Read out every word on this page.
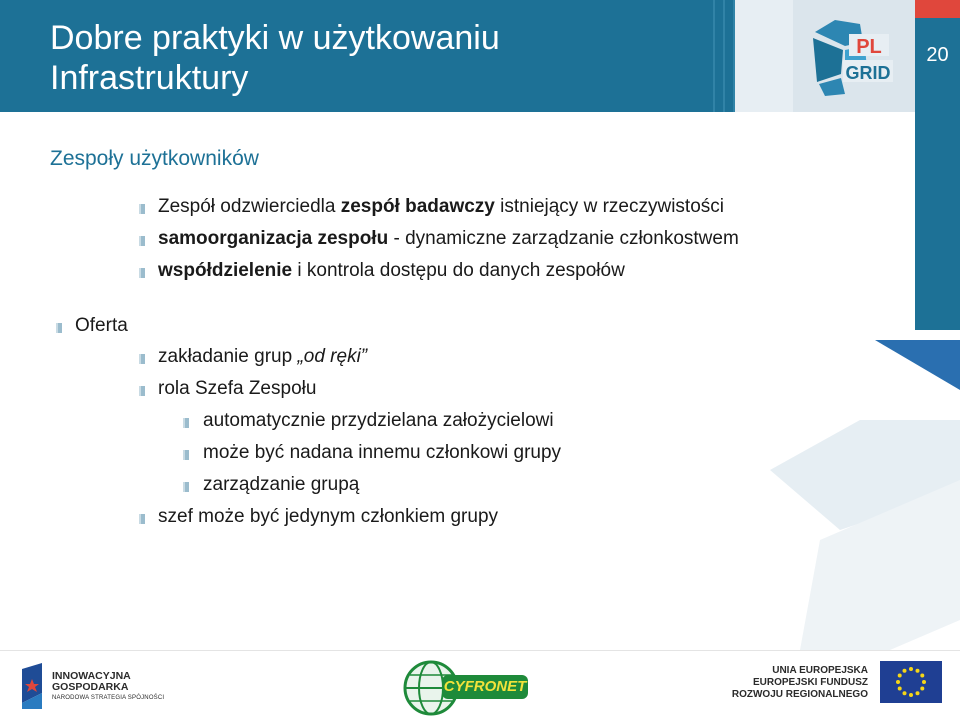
Dobre praktyki w użytkowaniu
Infrastruktury
PL
GRID
20
Zespoły użytkowników
Zespół odzwierciedla zespół badawczy istniejący w rzeczywistości
samoorganizacja zespołu - dynamiczne zarządzanie członkostwem
współdzielenie i kontrola dostępu do danych zespołów
Oferta
zakładanie grup „od ręki”
rola Szefa Zespołu
automatycznie przydzielana założycielowi
może być nadana innemu członkowi grupy
zarządzanie grupą
szef może być jedynym członkiem grupy
INNOWACYJNA
GOSPODARKA
NARODOWA STRATEGIA SPÓJNOŚCI
CYFRONET
UNIA EUROPEJSKA
EUROPEJSKI FUNDUSZ
ROZWOJU REGIONALNEGO
